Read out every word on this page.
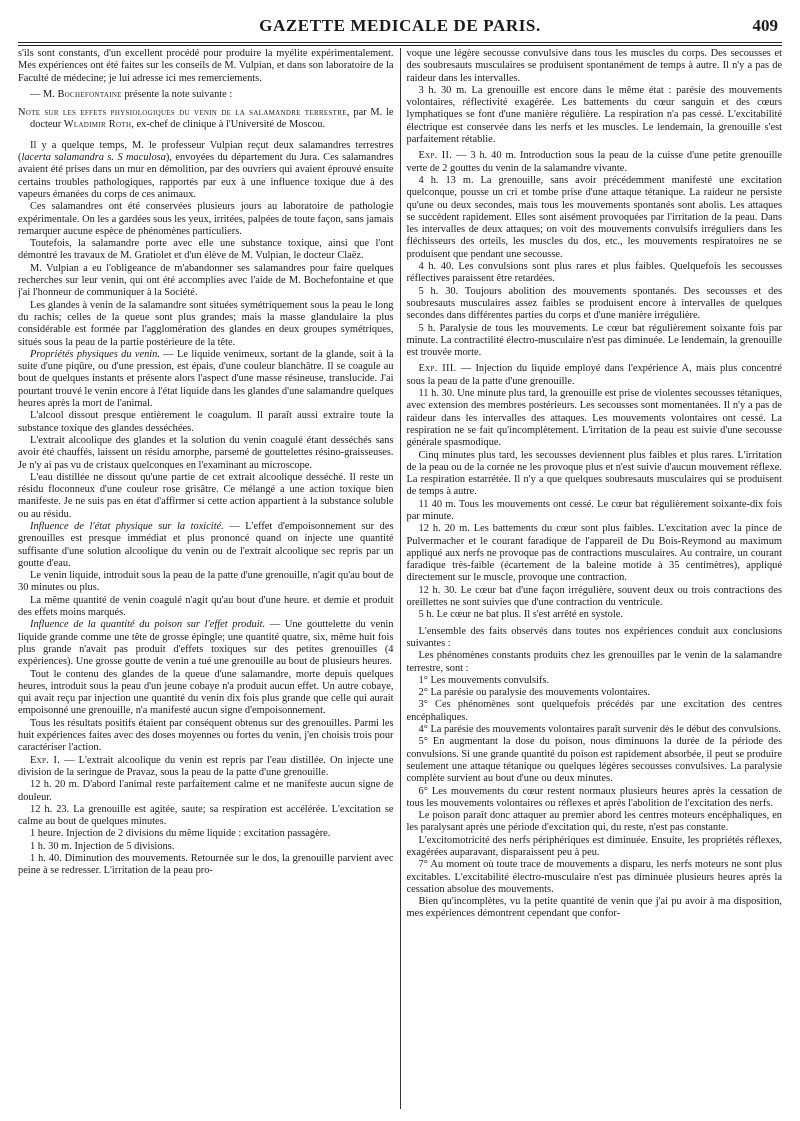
GAZETTE MEDICALE DE PARIS.	409

s'ils sont constants, d'un excellent procédé pour produire la myélite expérimentalement. Mes expériences ont été faites sur les conseils de M. Vulpian, et dans son laboratoire de la Faculté de médecine; je lui adresse ici mes remerciements.

— M. Bochefontaine présente la note suivante :

Note sur les effets physiologiques du venin de la salamandre terrestre, par M. le docteur Wladimir Roth, ex-chef de clinique à l'Université de Moscou.

Il y a quelque temps, M. le professeur Vulpian reçut deux salamandres terrestres (lacerta salamandra s. S maculosa), envoyées du département du Jura. Ces salamandres avaient été prises dans un mur en démolition, par des ouvriers qui avaient éprouvé ensuite certains troubles pathologiques, rapportés par eux à une influence toxique due à des vapeurs émanées du corps de ces animaux.

Ces salamandres ont été conservées plusieurs jours au laboratoire de pathologie expérimentale. On les a gardées sous les yeux, irritées, palpées de toute façon, sans jamais remarquer aucune espèce de phénomènes particuliers.

Toutefois, la salamandre porte avec elle une substance toxique, ainsi que l'ont démontré les travaux de M. Gratiolet et d'un élève de M. Vulpian, le docteur Claëz.

M. Vulpian a eu l'obligeance de m'abandonner ses salamandres pour faire quelques recherches sur leur venin, qui ont été accomplies avec l'aide de M. Bochefontaine et que j'ai l'honneur de communiquer à la Société.

Les glandes à venin de la salamandre sont situées symétriquement sous la peau le long du rachis; celles de la queue sont plus grandes; mais la masse glandulaire la plus considérable est formée par l'agglomération des glandes en deux groupes symétriques, situés sous la peau de la partie postérieure de la tête.

Propriétés physiques du venin. — Le liquide venimeux, sortant de la glande, soit à la suite d'une piqûre, ou d'une pression, est épais, d'une couleur blanchâtre. Il se coagule au bout de quelques instants et présente alors l'aspect d'une masse résineuse, translucide. J'ai pourtant trouvé le venin encore à l'état liquide dans les glandes d'une salamandre quelques heures après la mort de l'animal.

L'alcool dissout presque entièrement le coagulum. Il paraît aussi extraire toute la substance toxique des glandes desséchées.

L'extrait alcoolique des glandes et la solution du venin coagulé étant desséchés sans avoir été chauffés, laissent un résidu amorphe, parsemé de gouttelettes résino-graisseuses. Je n'y ai pas vu de cristaux quelconques en l'examinant au microscope.

L'eau distillée ne dissout qu'une partie de cet extrait alcoolique desséché. Il reste un résidu floconneux d'une couleur rose grisâtre. Ce mélangé a une action toxique bien manifeste. Je ne suis pas en état d'affirmer si cette action appartient à la substance soluble ou au résidu.

Influence de l'état physique sur la toxicité. — L'effet d'empoisonnement sur des grenouilles est presque immédiat et plus prononcé quand on injecte une quantité suffisante d'une solution alcoolique du venin ou de l'extrait alcoolique sec repris par un goutte d'eau.

Le venin liquide, introduit sous la peau de la patte d'une grenouille, n'agit qu'au bout de 30 minutes ou plus.

La même quantité de venin coagulé n'agit qu'au bout d'une heure. et demie et produit des effets moins marqués.

Influence de la quantité du poison sur l'effet produit. — Une gouttelette du venin liquide grande comme une tête de grosse épingle; une quantité quatre, six, même huit fois plus grande n'avait pas produit d'effets toxiques sur des petites grenouilles (4 expériences). Une grosse goutte de venin a tué une grenouille au bout de plusieurs heures.

Tout le contenu des glandes de la queue d'une salamandre, morte depuis quelques heures, introduit sous la peau d'un jeune cobaye n'a produit aucun effet. Un autre cobaye, qui avait reçu par injection une quantité du venin dix fois plus grande que celle qui aurait empoisonné une grenouille, n'a manifesté aucun signe d'empoisonnement.

Tous les résultats positifs étaient par conséquent obtenus sur des grenouilles. Parmi les huit expériences faites avec des doses moyennes ou fortes du venin, j'en choisis trois pour caractériser l'action.

Exp. I. — L'extrait alcoolique du venin est repris par l'eau distillée. On injecte une division de la seringue de Pravaz, sous la peau de la patte d'une grenouille.

12 h. 20 m. D'abord l'animal reste parfaitement calme et ne manifeste aucun signe de douleur.

12 h. 23. La grenouille est agitée, saute; sa respiration est accélérée. L'excitation se calme au bout de quelques minutes.

1 heure. Injection de 2 divisions du même liquide : excitation passagère.

1 h. 30 m. Injection de 5 divisions.

1 h. 40. Diminution des mouvements. Retournée sur le dos, la grenouille parvient avec peine à se redresser. L'irritation de la peau pro-

voque une légère secousse convulsive dans tous les muscles du corps. Des secousses et des soubresauts musculaires se produisent spontanément de temps à autre. Il n'y a pas de raideur dans les intervalles.

3 h. 30 m. La grenouille est encore dans le même état : parésie des mouvements volontaires, réflectivité exagérée. Les battements du cœur sanguin et des cœurs lymphatiques se font d'une manière régulière. La respiration n'a pas cessé. L'excitabilité électrique est conservée dans les nerfs et les muscles. Le lendemain, la grenouille s'est parfaitement rétablie.

Exp. II. — 3 h. 40 m. Introduction sous la peau de la cuisse d'une petite grenouille verte de 2 gouttes du venin de la salamandre vivante.

4 h. 13 m. La grenouille, sans avoir précédemment manifesté une excitation quelconque, pousse un cri et tombe prise d'une attaque tétanique. La raideur ne persiste qu'une ou deux secondes, mais tous les mouvements spontanés sont abolis. Les attaques se succèdent rapidement. Elles sont aisément provoquées par l'irritation de la peau. Dans les intervalles de deux attaques; on voit des mouvements convulsifs irréguliers dans les fléchisseurs des orteils, les muscles du dos, etc., les mouvements respiratoires ne se produisent que pendant une secousse.

4 h. 40. Les convulsions sont plus rares et plus faibles. Quelquefois les secousses réflectives paraissent être retardées.

5 h. 30. Toujours abolition des mouvements spontanés. Des secousses et des soubresauts musculaires assez faibles se produisent encore à intervalles de quelques secondes dans différentes parties du corps et d'une manière irrégulière.

5 h. Paralysie de tous les mouvements. Le cœur bat régulièrement soixante fois par minute. La contractilité électro-musculaire n'est pas diminuée. Le lendemain, la grenouille est trouvée morte.

Exp. III. — Injection du liquide employé dans l'expérience A, mais plus concentré sous la peau de la patte d'une grenouille.

11 h. 30. Une minute plus tard, la grenouille est prise de violentes secousses tétaniques, avec extension des membres postérieurs. Les secousses sont momentanées. Il n'y a pas de raideur dans les intervalles des attaques. Les mouvements volontaires ont cessé. La respiration ne se fait qu'incomplètement. L'irritation de la peau est suivie d'une secousse générale spasmodique.

Cinq minutes plus tard, les secousses deviennent plus faibles et plus rares. L'irritation de la peau ou de la cornée ne les provoque plus et n'est suivie d'aucun mouvement réflexe. La respiration estarrétée. Il n'y a que quelques soubresauts musculaires qui se produisent de temps à autre.

11 40 m. Tous les mouvements ont cessé. Le cœur bat régulièrement soixante-dix fois par minute.

12 h. 20 m. Les battements du cœur sont plus faibles. L'excitation avec la pince de Pulvermacher et le courant faradique de l'appareil de Du Bois-Reymond au maximum appliqué aux nerfs ne provoque pas de contractions musculaires. Au contraire, un courant faradique très-faible (écartement de la baleine motide à 35 centimètres), appliqué directement sur le muscle, provoque une contraction.

12 h. 30. Le cœur bat d'une façon irrégulière, souvent deux ou trois contractions des oreillettes ne sont suivies que d'une contraction du ventricule.

5 h. Le cœur ne bat plus. Il s'est arrêté en systole.

L'ensemble des faits observés dans toutes nos expériences conduit aux conclusions suivantes :

Les phénomènes constants produits chez les grenouilles par le venin de la salamandre terrestre, sont :

1° Les mouvements convulsifs.

2° La parésie ou paralysie des mouvements volontaires.

3° Ces phénomènes sont quelquefois précédés par une excitation des centres encéphaliques.

4° La parésie des mouvements volontaires paraît survenir dès le début des convulsions.

5° En augmentant la dose du poison, nous diminuons la durée de la période des convulsions. Si une grande quantité du poison est rapidement absorbée, il peut se produire seulement une attaque tétanique ou quelques légères secousses convulsives. La paralysie complète survient au bout d'une ou deux minutes.

6° Les mouvements du cœur restent normaux plusieurs heures après la cessation de tous les mouvements volontaires ou réflexes et après l'abolition de l'excitation des nerfs.

Le poison paraît donc attaquer au premier abord les centres moteurs encéphaliques, en les paralysant après une période d'excitation qui, du reste, n'est pas constante.

L'excitomotricité des nerfs périphériques est diminuée. Ensuite, les propriétés réflexes, exagérées auparavant, disparaissent peu à peu.

7° Au moment où toute trace de mouvements a disparu, les nerfs moteurs ne sont plus excitables. L'excitabilité électro-musculaire n'est pas diminuée plusieurs heures après la cessation absolue des mouvements.

Bien qu'incomplètes, vu la petite quantité de venin que j'ai pu avoir à ma disposition, mes expériences démontrent cependant que confor-
